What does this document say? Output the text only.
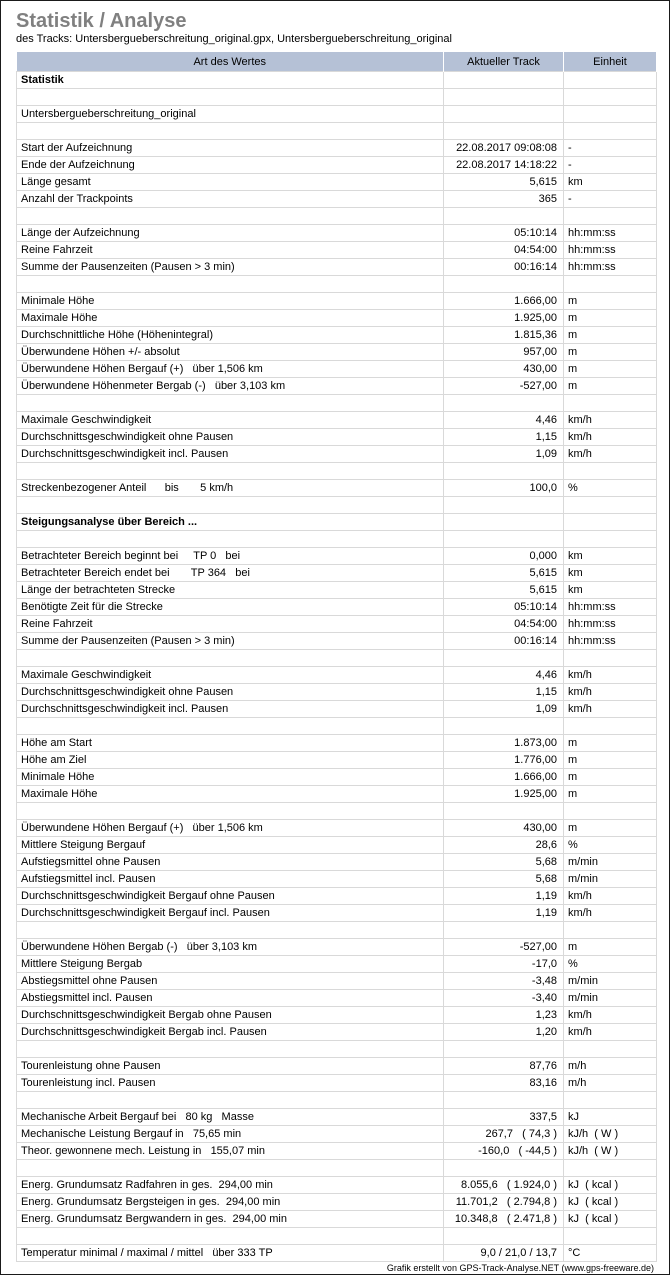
Statistik / Analyse
des Tracks: Untersbergueberschreitung_original.gpx, Untersbergueberschreitung_original
Art des Wertes	Aktueller Track	Einheit
Statistik		

Untersbergueberschreitung_original		

Start der Aufzeichnung	22.08.2017 09:08:08	-
Ende der Aufzeichnung	22.08.2017 14:18:22	-
Länge gesamt	5,615	km
Anzahl der Trackpoints	365	-

Länge der Aufzeichnung	05:10:14	hh:mm:ss
Reine Fahrzeit	04:54:00	hh:mm:ss
Summe der Pausenzeiten (Pausen > 3 min)	00:16:14	hh:mm:ss

Minimale Höhe	1.666,00	m
Maximale Höhe	1.925,00	m
Durchschnittliche Höhe (Höhenintegral)	1.815,36	m
Überwundene Höhen +/- absolut	957,00	m
Überwundene Höhen Bergauf (+)   über 1,506 km	430,00	m
Überwundene Höhenmeter Bergab (-)   über 3,103 km	-527,00	m

Maximale Geschwindigkeit	4,46	km/h
Durchschnittsgeschwindigkeit ohne Pausen	1,15	km/h
Durchschnittsgeschwindigkeit incl. Pausen	1,09	km/h

Streckenbezogener Anteil      bis       5 km/h	100,0	%

Steigungsanalyse über Bereich ...		

Betrachteter Bereich beginnt bei     TP 0   bei	0,000	km
Betrachteter Bereich endet bei       TP 364   bei	5,615	km
Länge der betrachteten Strecke	5,615	km
Benötigte Zeit für die Strecke	05:10:14	hh:mm:ss
Reine Fahrzeit	04:54:00	hh:mm:ss
Summe der Pausenzeiten (Pausen > 3 min)	00:16:14	hh:mm:ss

Maximale Geschwindigkeit	4,46	km/h
Durchschnittsgeschwindigkeit ohne Pausen	1,15	km/h
Durchschnittsgeschwindigkeit incl. Pausen	1,09	km/h

Höhe am Start	1.873,00	m
Höhe am Ziel	1.776,00	m
Minimale Höhe	1.666,00	m
Maximale Höhe	1.925,00	m

Überwundene Höhen Bergauf (+)   über 1,506 km	430,00	m
Mittlere Steigung Bergauf	28,6	%
Aufstiegsmittel ohne Pausen	5,68	m/min
Aufstiegsmittel incl. Pausen	5,68	m/min
Durchschnittsgeschwindigkeit Bergauf ohne Pausen	1,19	km/h
Durchschnittsgeschwindigkeit Bergauf incl. Pausen	1,19	km/h

Überwundene Höhen Bergab (-)   über 3,103 km	-527,00	m
Mittlere Steigung Bergab	-17,0	%
Abstiegsmittel ohne Pausen	-3,48	m/min
Abstiegsmittel incl. Pausen	-3,40	m/min
Durchschnittsgeschwindigkeit Bergab ohne Pausen	1,23	km/h
Durchschnittsgeschwindigkeit Bergab incl. Pausen	1,20	km/h

Tourenleistung ohne Pausen	87,76	m/h
Tourenleistung incl. Pausen	83,16	m/h

Mechanische Arbeit Bergauf bei   80 kg   Masse	337,5	kJ
Mechanische Leistung Bergauf in   75,65 min	267,7   ( 74,3 )	kJ/h  ( W )
Theor. gewonnene mech. Leistung in   155,07 min	-160,0   ( -44,5 )	kJ/h  ( W )

Energ. Grundumsatz Radfahren in ges.  294,00 min	8.055,6   ( 1.924,0 )	kJ  ( kcal )
Energ. Grundumsatz Bergsteigen in ges.  294,00 min	11.701,2   ( 2.794,8 )	kJ  ( kcal )
Energ. Grundumsatz Bergwandern in ges.  294,00 min	10.348,8   ( 2.471,8 )	kJ  ( kcal )

Temperatur minimal / maximal / mittel   über 333 TP	9,0 / 21,0 / 13,7	°C
Grafik erstellt von GPS-Track-Analyse.NET (www.gps-freeware.de)
